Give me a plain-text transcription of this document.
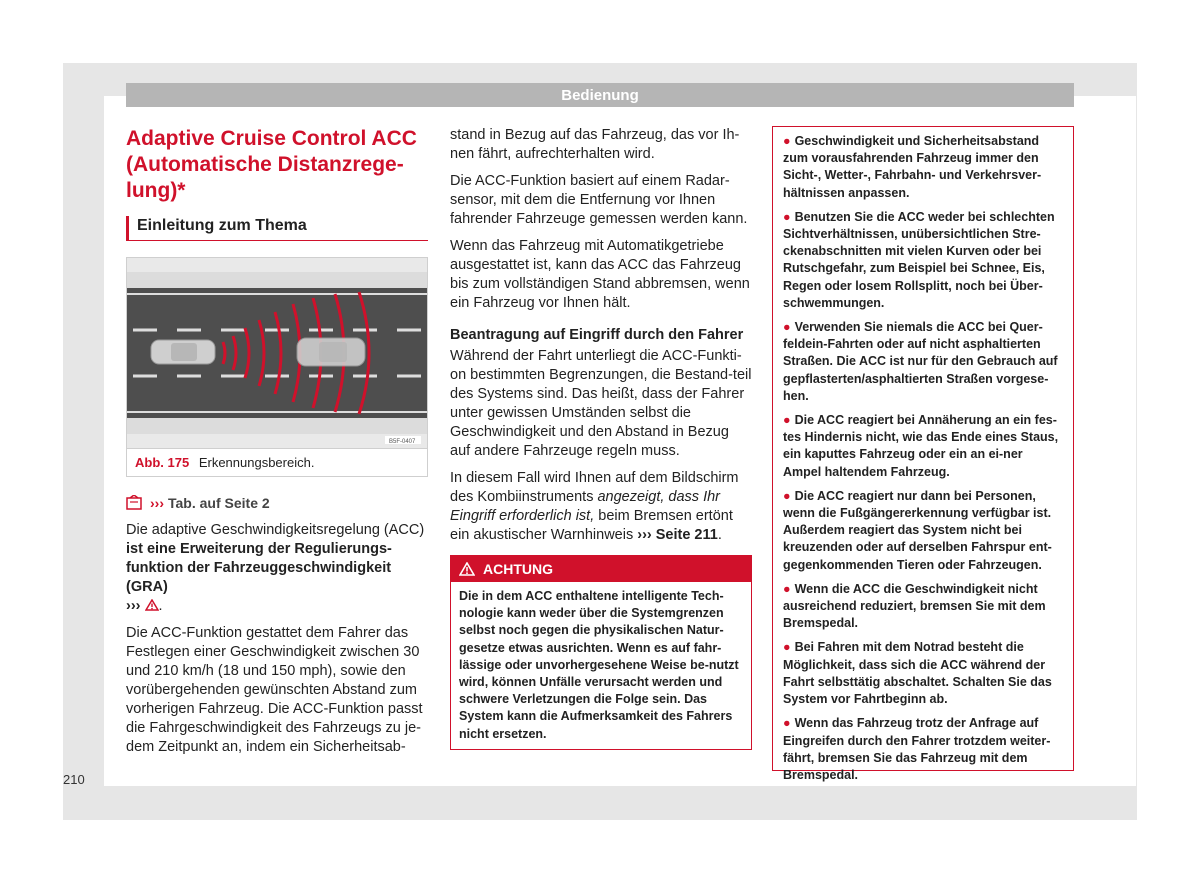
Bedienung
Adaptive Cruise Control ACC
(Automatische Distanzrege-
lung)*
Einleitung zum Thema
B5F-0407
Abb. 175 Erkennungsbereich.
››› Tab. auf Seite 2

Die adaptive Geschwindigkeitsregelung (ACC) ist eine Erweiterung der Regulierungs-funktion der Fahrzeuggeschwindigkeit (GRA)
››› .

Die ACC-Funktion gestattet dem Fahrer das Festlegen einer Geschwindigkeit zwischen 30 und 210 km/h (18 und 150 mph), sowie den vorübergehenden gewünschten Abstand zum vorherigen Fahrzeug. Die ACC-Funktion passt die Fahrgeschwindigkeit des Fahrzeugs zu je-dem Zeitpunkt an, indem ein Sicherheitsab-

stand in Bezug auf das Fahrzeug, das vor Ih-nen fährt, aufrechterhalten wird.

Die ACC-Funktion basiert auf einem Radar-sensor, mit dem die Entfernung vor Ihnen fahrender Fahrzeuge gemessen werden kann.

Wenn das Fahrzeug mit Automatikgetriebe ausgestattet ist, kann das ACC das Fahrzeug bis zum vollständigen Stand abbremsen, wenn ein Fahrzeug vor Ihnen hält.

Beantragung auf Eingriff durch den Fahrer

Während der Fahrt unterliegt die ACC-Funkti-on bestimmten Begrenzungen, die Bestand-teil des Systems sind. Das heißt, dass der Fahrer unter gewissen Umständen selbst die Geschwindigkeit und den Abstand in Bezug auf andere Fahrzeuge regeln muss.

In diesem Fall wird Ihnen auf dem Bildschirm des Kombiinstruments angezeigt, dass Ihr Eingriff erforderlich ist, beim Bremsen ertönt ein akustischer Warnhinweis ››› Seite 211.

ACHTUNG
Die in dem ACC enthaltene intelligente Tech-nologie kann weder über die Systemgrenzen selbst noch gegen die physikalischen Natur-gesetze etwas ausrichten. Wenn es auf fahr-lässige oder unvorhergesehene Weise be-nutzt wird, können Unfälle verursacht werden und schwere Verletzungen die Folge sein. Das System kann die Aufmerksamkeit des Fahrers nicht ersetzen.
● Geschwindigkeit und Sicherheitsabstand zum vorausfahrenden Fahrzeug immer den Sicht-, Wetter-, Fahrbahn- und Verkehrsver-hältnissen anpassen.
● Benutzen Sie die ACC weder bei schlechten Sichtverhältnissen, unübersichtlichen Stre-ckenabschnitten mit vielen Kurven oder bei Rutschgefahr, zum Beispiel bei Schnee, Eis, Regen oder losem Rollsplitt, noch bei Über-schwemmungen.
● Verwenden Sie niemals die ACC bei Quer-feldein-Fahrten oder auf nicht asphaltierten Straßen. Die ACC ist nur für den Gebrauch auf gepflasterten/asphaltierten Straßen vorgese-hen.
● Die ACC reagiert bei Annäherung an ein fes-tes Hindernis nicht, wie das Ende eines Staus, ein kaputtes Fahrzeug oder ein an ei-ner Ampel haltendem Fahrzeug.
● Die ACC reagiert nur dann bei Personen, wenn die Fußgängererkennung verfügbar ist. Außerdem reagiert das System nicht bei kreuzenden oder auf derselben Fahrspur ent-gegenkommenden Tieren oder Fahrzeugen.
● Wenn die ACC die Geschwindigkeit nicht ausreichend reduziert, bremsen Sie mit dem Bremspedal.
● Bei Fahren mit dem Notrad besteht die Möglichkeit, dass sich die ACC während der Fahrt selbsttätig abschaltet. Schalten Sie das System vor Fahrtbeginn ab.
● Wenn das Fahrzeug trotz der Anfrage auf Eingreifen durch den Fahrer trotzdem weiter-fährt, bremsen Sie das Fahrzeug mit dem Bremspedal.
210
